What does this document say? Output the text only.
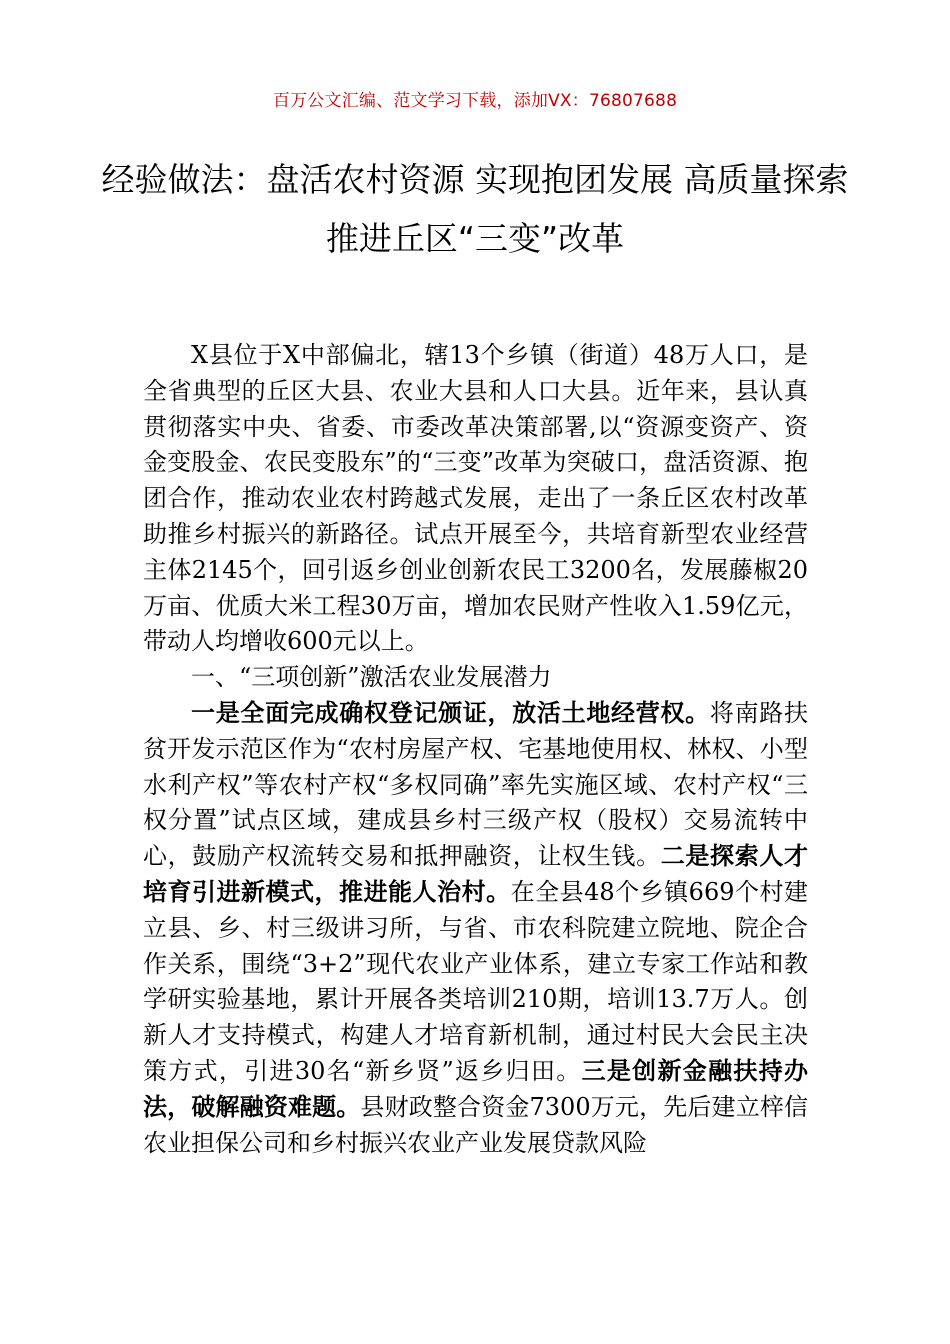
百万公文汇编、范文学习下载，添加VX：76807688
经验做法：盘活农村资源 实现抱团发展 高质量探索推进丘区“三变”改革

X县位于X中部偏北，辖13个乡镇（街道）48万人口，是全省典型的丘区大县、农业大县和人口大县。近年来，县认真贯彻落实中央、省委、市委改革决策部署,以“资源变资产、资金变股金、农民变股东”的“三变”改革为突破口，盘活资源、抱团合作，推动农业农村跨越式发展，走出了一条丘区农村改革助推乡村振兴的新路径。试点开展至今，共培育新型农业经营主体2145个，回引返乡创业创新农民工3200名，发展藤椒20万亩、优质大米工程30万亩，增加农民财产性收入1.59亿元，带动人均增收600元以上。

一、“三项创新”激活农业发展潜力

一是全面完成确权登记颁证，放活土地经营权。将南路扶贫开发示范区作为“农村房屋产权、宅基地使用权、林权、小型水利产权”等农村产权“多权同确”率先实施区域、农村产权“三权分置”试点区域，建成县乡村三级产权（股权）交易流转中心，鼓励产权流转交易和抵押融资，让权生钱。二是探索人才培育引进新模式，推进能人治村。在全县48个乡镇669个村建立县、乡、村三级讲习所，与省、市农科院建立院地、院企合作关系，围绕“3+2”现代农业产业体系，建立专家工作站和教学研实验基地，累计开展各类培训210期，培训13.7万人。创新人才支持模式，构建人才培育新机制，通过村民大会民主决策方式，引进30名“新乡贤”返乡归田。三是创新金融扶持办法，破解融资难题。县财政整合资金7300万元，先后建立梓信农业担保公司和乡村振兴农业产业发展贷款风险
